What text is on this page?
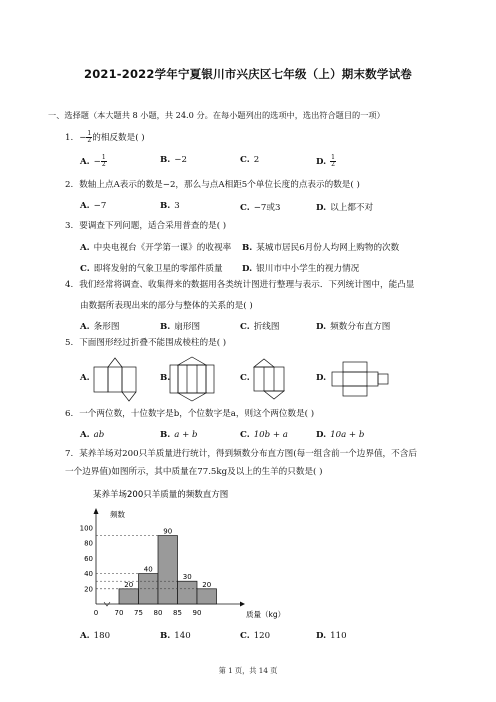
2021-2022学年宁夏银川市兴庆区七年级（上）期末数学试卷
一、选择题（本大题共 8 小题，共 24.0 分。在每小题列出的选项中，选出符合题目的一项）
1. − $\frac{1}{2}$ 的相反数是( )
A. − $\frac{1}{2}$	B. −2	C. 2	D. $\frac{1}{2}$
2. 数轴上点A表示的数是−2，那么与点A相距5个单位长度的点表示的数是( )
A. −7	B. 3	C. −7或3	D. 以上都不对
3. 要调查下列问题，适合采用普查的是( )
A. 中央电视台《开学第一课》的收视率 B. 某城市居民6月份人均网上购物的次数
C. 即将发射的气象卫星的零部件质量 D. 银川市中小学生的视力情况
4. 我们经常将调查、收集得来的数据用各类统计图进行整理与表示．下列统计图中，能凸显
由数据所表现出来的部分与整体的关系的是( )
A. 条形图	B. 扇形图	C. 折线图	D. 频数分布直方图
5. 下面图形经过折叠不能围成棱柱的是( )
A.	B.	C.	D.
6. 一个两位数，十位数字是b，个位数字是a，则这个两位数是( )
A. ab	B. a + b	C. 10b + a	D. 10a + b
7. 某养羊场对200只羊质量进行统计，得到频数分布直方图(每一组含前一个边界值，不含后
一个边界值)如图所示，其中质量在77.5kg及以上的生羊的只数是( )
某养羊场200只羊质量的频数直方图
频数
质量（kg）
20
40
90
30
20
20
40
60
80
100
0 70 75 80 85 90
A. 180	B. 140	C. 120	D. 110
第 1 页，共 14 页
